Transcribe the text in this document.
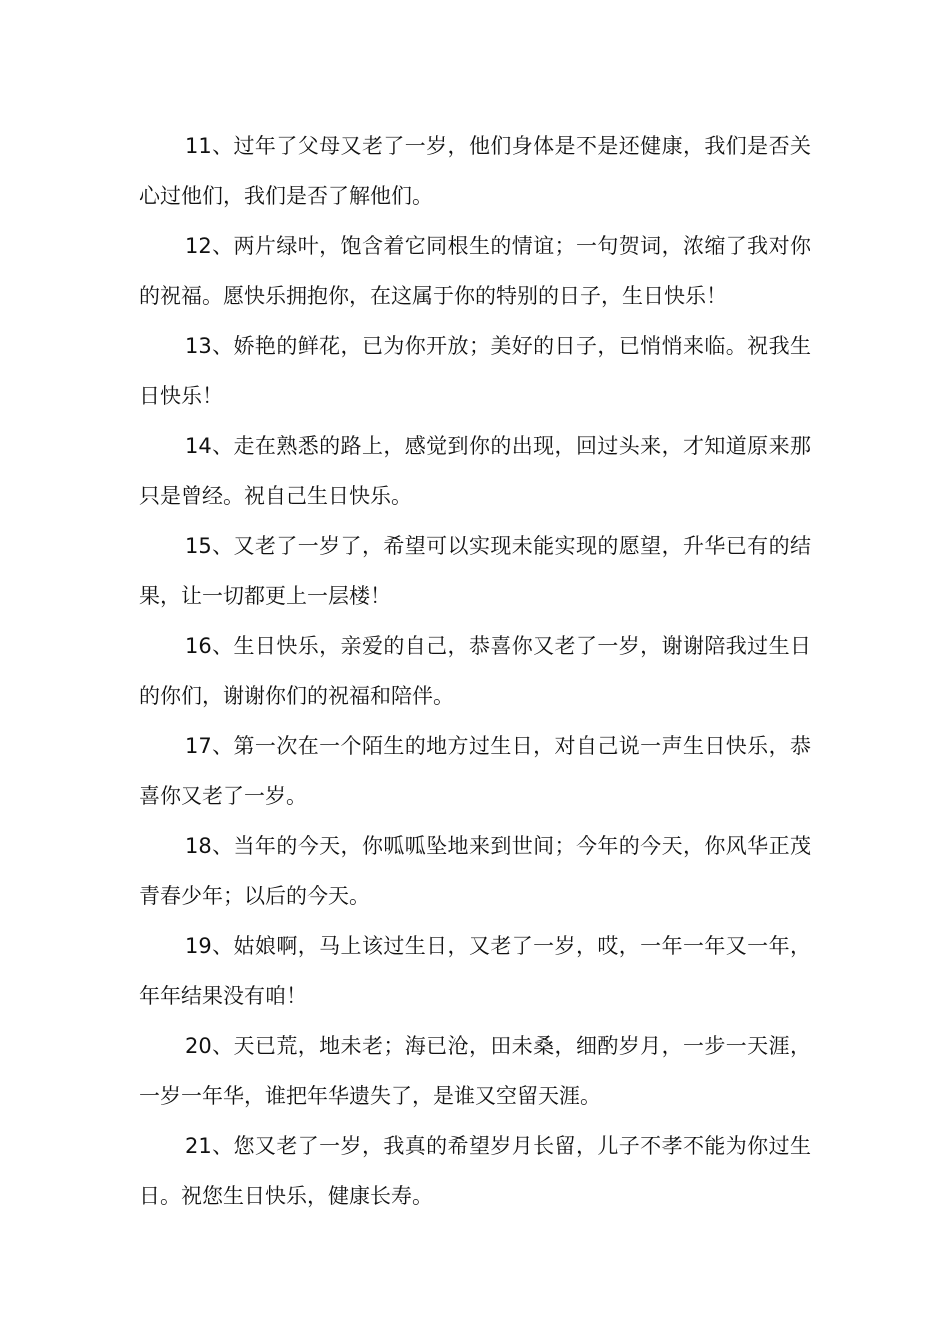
11、过年了父母又老了一岁，他们身体是不是还健康，我们是否关心过他们，我们是否了解他们。

12、两片绿叶，饱含着它同根生的情谊；一句贺词，浓缩了我对你的祝福。愿快乐拥抱你，在这属于你的特别的日子，生日快乐！

13、娇艳的鲜花，已为你开放；美好的日子，已悄悄来临。祝我生日快乐！

14、走在熟悉的路上，感觉到你的出现，回过头来，才知道原来那只是曾经。祝自己生日快乐。

15、又老了一岁了，希望可以实现未能实现的愿望，升华已有的结果，让一切都更上一层楼！

16、生日快乐，亲爱的自己，恭喜你又老了一岁，谢谢陪我过生日的你们，谢谢你们的祝福和陪伴。

17、第一次在一个陌生的地方过生日，对自己说一声生日快乐，恭喜你又老了一岁。

18、当年的今天，你呱呱坠地来到世间；今年的今天，你风华正茂青春少年；以后的今天。

19、姑娘啊，马上该过生日，又老了一岁，哎，一年一年又一年，年年结果没有咱！

20、天已荒，地未老；海已沧，田未桑，细酌岁月，一步一天涯，一岁一年华，谁把年华遗失了，是谁又空留天涯。

21、您又老了一岁，我真的希望岁月长留，儿子不孝不能为你过生日。祝您生日快乐，健康长寿。
